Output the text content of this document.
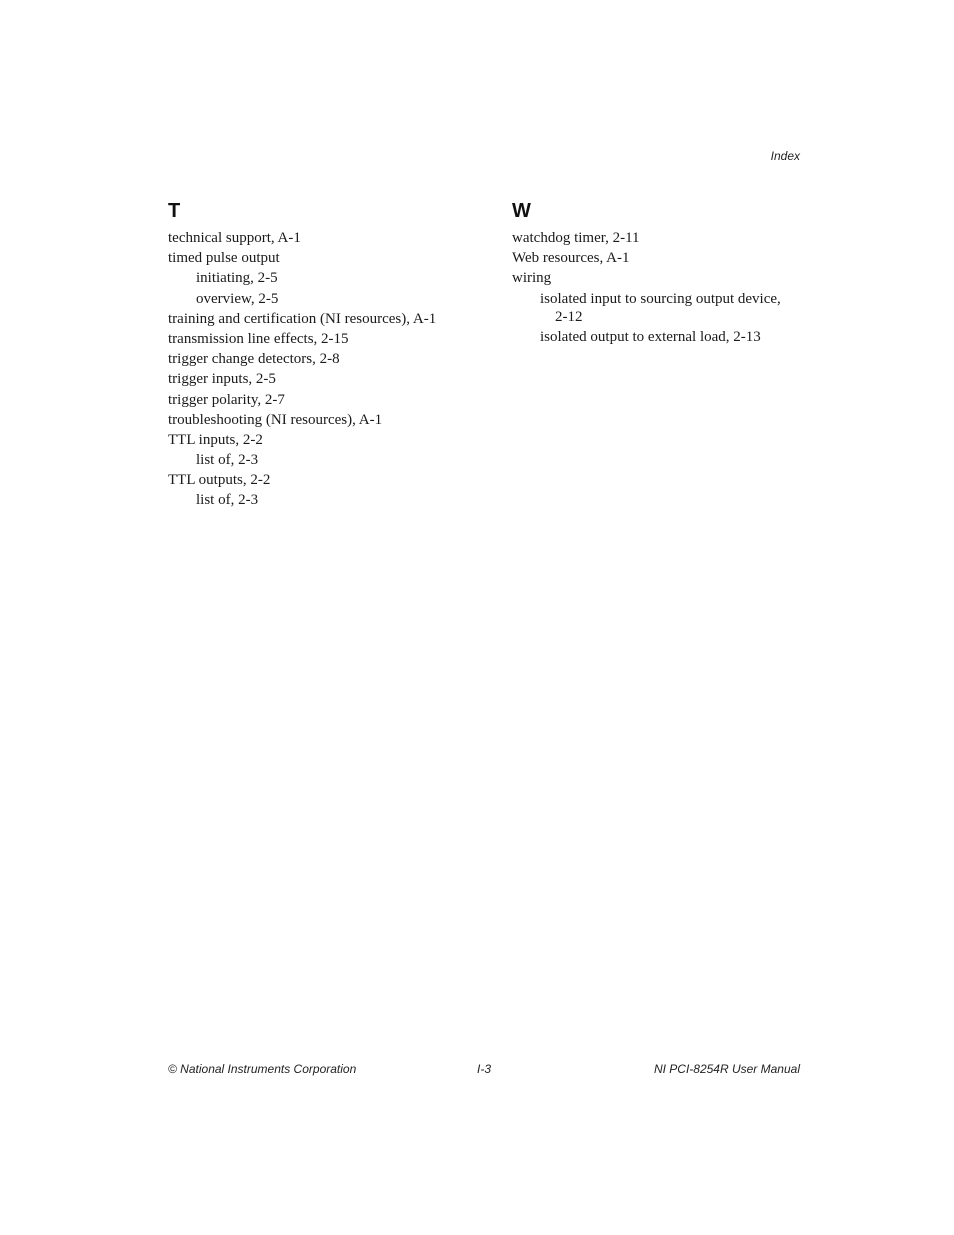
Index
T
technical support, A-1
timed pulse output
initiating, 2-5
overview, 2-5
training and certification (NI resources), A-1
transmission line effects, 2-15
trigger change detectors, 2-8
trigger inputs, 2-5
trigger polarity, 2-7
troubleshooting (NI resources), A-1
TTL inputs, 2-2
list of, 2-3
TTL outputs, 2-2
list of, 2-3
W
watchdog timer, 2-11
Web resources, A-1
wiring
isolated input to sourcing output device,
2-12
isolated output to external load, 2-13
© National Instruments Corporation	I-3	NI PCI-8254R User Manual
